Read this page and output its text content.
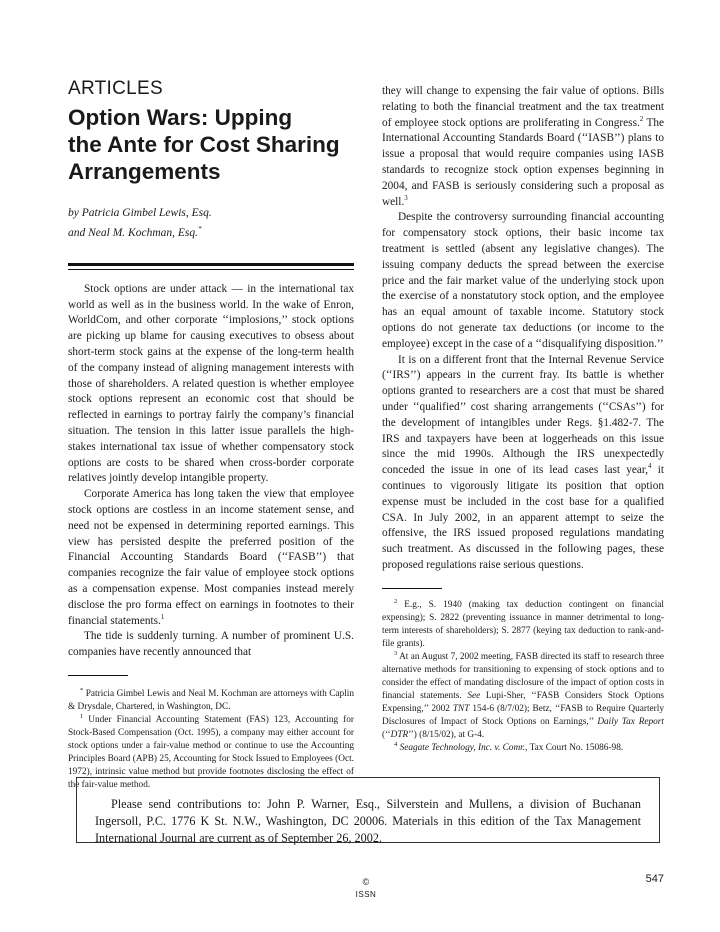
ARTICLES
Option Wars: Upping
the Ante for Cost Sharing
Arrangements
by Patricia Gimbel Lewis, Esq.
and Neal M. Kochman, Esq.*

Stock options are under attack — in the international tax world as well as in the business world. In the wake of Enron, WorldCom, and other corporate ‘‘implosions,’’ stock options are picking up blame for causing executives to obsess about short-term stock gains at the expense of the long-term health of the company instead of aligning management interests with those of shareholders. A related question is whether employee stock options represent an economic cost that should be reflected in earnings to portray fairly the company’s financial situation. The tension in this latter issue parallels the high-stakes international tax issue of whether compensatory stock options are costs to be shared when cross-border corporate relatives jointly develop intangible property.

Corporate America has long taken the view that employee stock options are costless in an income statement sense, and need not be expensed in determining reported earnings. This view has persisted despite the preferred position of the Financial Accounting Standards Board (‘‘FASB’’) that companies recognize the fair value of employee stock options as a compensation expense. Most companies instead merely disclose the pro forma effect on earnings in footnotes to their financial statements.$^1$

The tide is suddenly turning. A number of prominent U.S. companies have recently announced that

* Patricia Gimbel Lewis and Neal M. Kochman are attorneys with Caplin & Drysdale, Chartered, in Washington, DC.

$^1$ Under Financial Accounting Statement (FAS) 123, Accounting for Stock-Based Compensation (Oct. 1995), a company may either account for stock options under a fair-value method or continue to use the Accounting Principles Board (APB) 25, Accounting for Stock Issued to Employees (Oct. 1972), intrinsic value method but provide footnotes disclosing the effect of the fair-value method.

they will change to expensing the fair value of options. Bills relating to both the financial treatment and the tax treatment of employee stock options are proliferating in Congress.$^2$ The International Accounting Standards Board (‘‘IASB’’) plans to issue a proposal that would require companies using IASB standards to recognize stock option expenses beginning in 2004, and FASB is seriously considering such a proposal as well.$^3$

Despite the controversy surrounding financial accounting for compensatory stock options, their basic income tax treatment is settled (absent any legislative changes). The issuing company deducts the spread between the exercise price and the fair market value of the underlying stock upon the exercise of a nonstatutory stock option, and the employee has an equal amount of taxable income. Statutory stock options do not generate tax deductions (or income to the employee) except in the case of a ‘‘disqualifying disposition.’’

It is on a different front that the Internal Revenue Service (‘‘IRS’’) appears in the current fray. Its battle is whether options granted to researchers are a cost that must be shared under ‘‘qualified’’ cost sharing arrangements (‘‘CSAs’’) for the development of intangibles under Regs. §1.482-7. The IRS and taxpayers have been at loggerheads on this issue since the mid 1990s. Although the IRS unexpectedly conceded the issue in one of its lead cases last year,$^4$ it continues to vigorously litigate its position that option expense must be included in the cost base for a qualified CSA. In July 2002, in an apparent attempt to seize the offensive, the IRS issued proposed regulations mandating such treatment. As discussed in the following pages, these proposed regulations raise serious questions.

$^2$ E.g., S. 1940 (making tax deduction contingent on financial expensing); S. 2822 (preventing issuance in manner detrimental to long-term interests of shareholders); S. 2877 (keying tax deduction to rank-and-file grants).

$^3$ At an August 7, 2002 meeting, FASB directed its staff to research three alternative methods for transitioning to expensing of stock options and to consider the effect of mandating disclosure of the impact of option costs in financial statements. See Lupi-Sher, ‘‘FASB Considers Stock Options Expensing,’’ 2002 TNT 154-6 (8/7/02); Betz, ‘‘FASB to Require Quarterly Disclosures of Impact of Stock Options on Earnings,’’ Daily Tax Report (‘‘DTR’’) (8/15/02), at G-4.

$^4$ Seagate Technology, Inc. v. Comr., Tax Court No. 15086-98.

Please send contributions to: John P. Warner, Esq., Silverstein and Mullens, a division of Buchanan Ingersoll, P.C. 1776 K St. N.W., Washington, DC 20006. Materials in this edition of the Tax Management International Journal are current as of September 26, 2002.

©
ISSN
547
